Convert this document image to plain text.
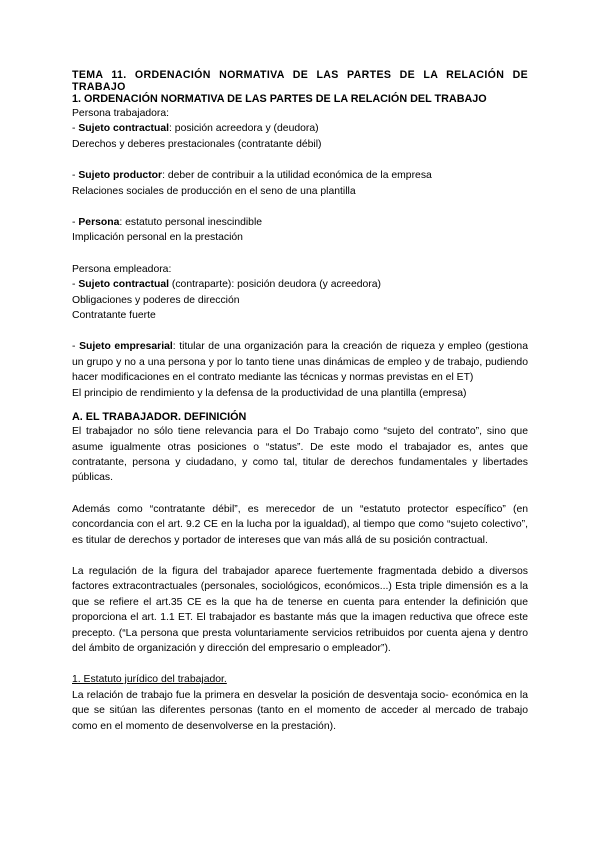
TEMA 11. ORDENACIÓN NORMATIVA DE LAS PARTES DE LA RELACIÓN DE TRABAJO

1. ORDENACIÓN NORMATIVA DE LAS PARTES DE LA RELACIÓN DEL TRABAJO

Persona trabajadora:

- Sujeto contractual: posición acreedora y (deudora)

Derechos y deberes prestacionales (contratante débil)

- Sujeto productor: deber de contribuir a la utilidad económica de la empresa

Relaciones sociales de producción en el seno de una plantilla

- Persona: estatuto personal inescindible

Implicación personal en la prestación

Persona empleadora:

- Sujeto contractual (contraparte): posición deudora (y acreedora)

Obligaciones y poderes de dirección

Contratante fuerte

- Sujeto empresarial: titular de una organización para la creación de riqueza y empleo (gestiona un grupo y no a una persona y por lo tanto tiene unas dinámicas de empleo y de trabajo, pudiendo hacer modificaciones en el contrato mediante las técnicas y normas previstas en el ET)

El principio de rendimiento y la defensa de la productividad de una plantilla (empresa)

A. EL TRABAJADOR. DEFINICIÓN

El trabajador no sólo tiene relevancia para el Do Trabajo como “sujeto del contrato”, sino que asume igualmente otras posiciones o “status”. De este modo el trabajador es, antes que contratante, persona y ciudadano, y como tal, titular de derechos fundamentales y libertades públicas.

Además como “contratante débil”, es merecedor de un “estatuto protector específico” (en concordancia con el art. 9.2 CE en la lucha por la igualdad), al tiempo que como “sujeto colectivo”, es titular de derechos y portador de intereses que van más allá de su posición contractual.

La regulación de la figura del trabajador aparece fuertemente fragmentada debido a diversos factores extracontractuales (personales, sociológicos, económicos...) Esta triple dimensión es a la que se refiere el art.35 CE es la que ha de tenerse en cuenta para entender la definición que proporciona el art. 1.1 ET. El trabajador es bastante más que la imagen reductiva que ofrece este precepto. (“La persona que presta voluntariamente servicios retribuidos por cuenta ajena y dentro del ámbito de organización y dirección del empresario o empleador”).

1. Estatuto jurídico del trabajador.

La relación de trabajo fue la primera en desvelar la posición de desventaja socio- económica en la que se sitúan las diferentes personas (tanto en el momento de acceder al mercado de trabajo como en el momento de desenvolverse en la prestación).
